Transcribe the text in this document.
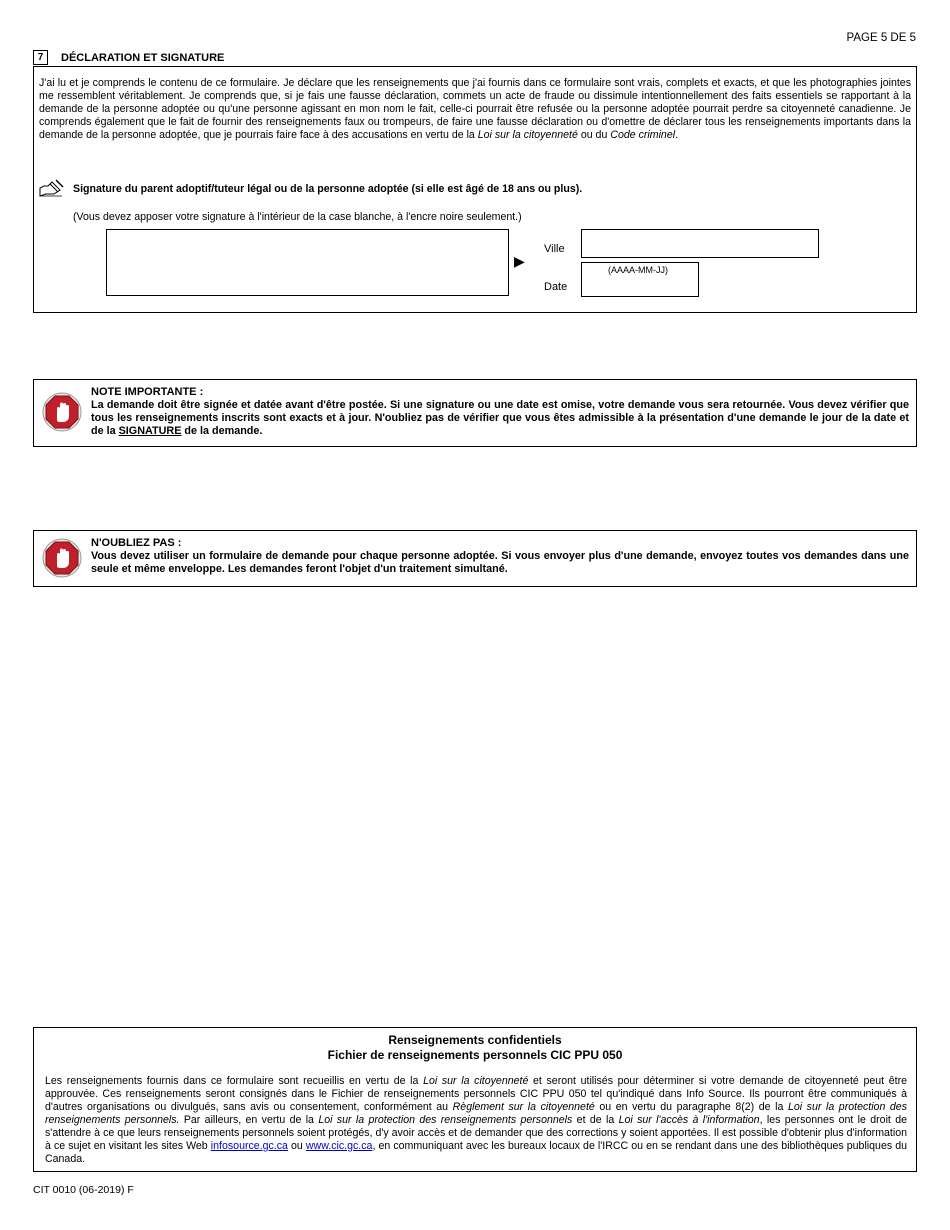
PAGE 5 DE 5
7	DÉCLARATION ET SIGNATURE
J'ai lu et je comprends le contenu de ce formulaire. Je déclare que les renseignements que j'ai fournis dans ce formulaire sont vrais, complets et exacts, et que les photographies jointes me ressemblent véritablement. Je comprends que, si je fais une fausse déclaration, commets un acte de fraude ou dissimule intentionnellement des faits essentiels se rapportant à la demande de la personne adoptée ou qu'une personne agissant en mon nom le fait, celle-ci pourrait être refusée ou la personne adoptée pourrait perdre sa citoyenneté canadienne. Je comprends également que le fait de fournir des renseignements faux ou trompeurs, de faire une fausse déclaration ou d'omettre de déclarer tous les renseignements importants dans la demande de la personne adoptée, que je pourrais faire face à des accusations en vertu de la Loi sur la citoyenneté ou du Code criminel.
Signature du parent adoptif/tuteur légal ou de la personne adoptée (si elle est âgé de 18 ans ou plus).
(Vous devez apposer votre signature à l'intérieur de la case blanche, à l'encre noire seulement.)
▶
Ville
Date
(AAAA-MM-JJ)
NOTE IMPORTANTE :
La demande doit être signée et datée avant d'être postée. Si une signature ou une date est omise, votre demande vous sera retournée. Vous devez vérifier que tous les renseignements inscrits sont exacts et à jour. N'oubliez pas de vérifier que vous êtes admissible à la présentation d'une demande le jour de la date et de la SIGNATURE de la demande.
N'OUBLIEZ PAS :
Vous devez utiliser un formulaire de demande pour chaque personne adoptée. Si vous envoyer plus d'une demande, envoyez toutes vos demandes dans une seule et même enveloppe. Les demandes feront l'objet d'un traitement simultané.
Renseignements confidentiels
Fichier de renseignements personnels CIC PPU 050
Les renseignements fournis dans ce formulaire sont recueillis en vertu de la Loi sur la citoyenneté et seront utilisés pour déterminer si votre demande de citoyenneté peut être approuvée. Ces renseignements seront consignés dans le Fichier de renseignements personnels CIC PPU 050 tel qu'indiqué dans Info Source. Ils pourront être communiqués à d'autres organisations ou divulgués, sans avis ou consentement, conformément au Règlement sur la citoyenneté ou en vertu du paragraphe 8(2) de la Loi sur la protection des renseignements personnels. Par ailleurs, en vertu de la Loi sur la protection des renseignements personnels et de la Loi sur l'accès à l'information, les personnes ont le droit de s'attendre à ce que leurs renseignements personnels soient protégés, d'y avoir accès et de demander que des corrections y soient apportées. Il est possible d'obtenir plus d'information à ce sujet en visitant les sites Web infosource.gc.ca ou www.cic.gc.ca, en communiquant avec les bureaux locaux de l'IRCC ou en se rendant dans une des bibliothèques publiques du Canada.
CIT 0010 (06-2019) F
